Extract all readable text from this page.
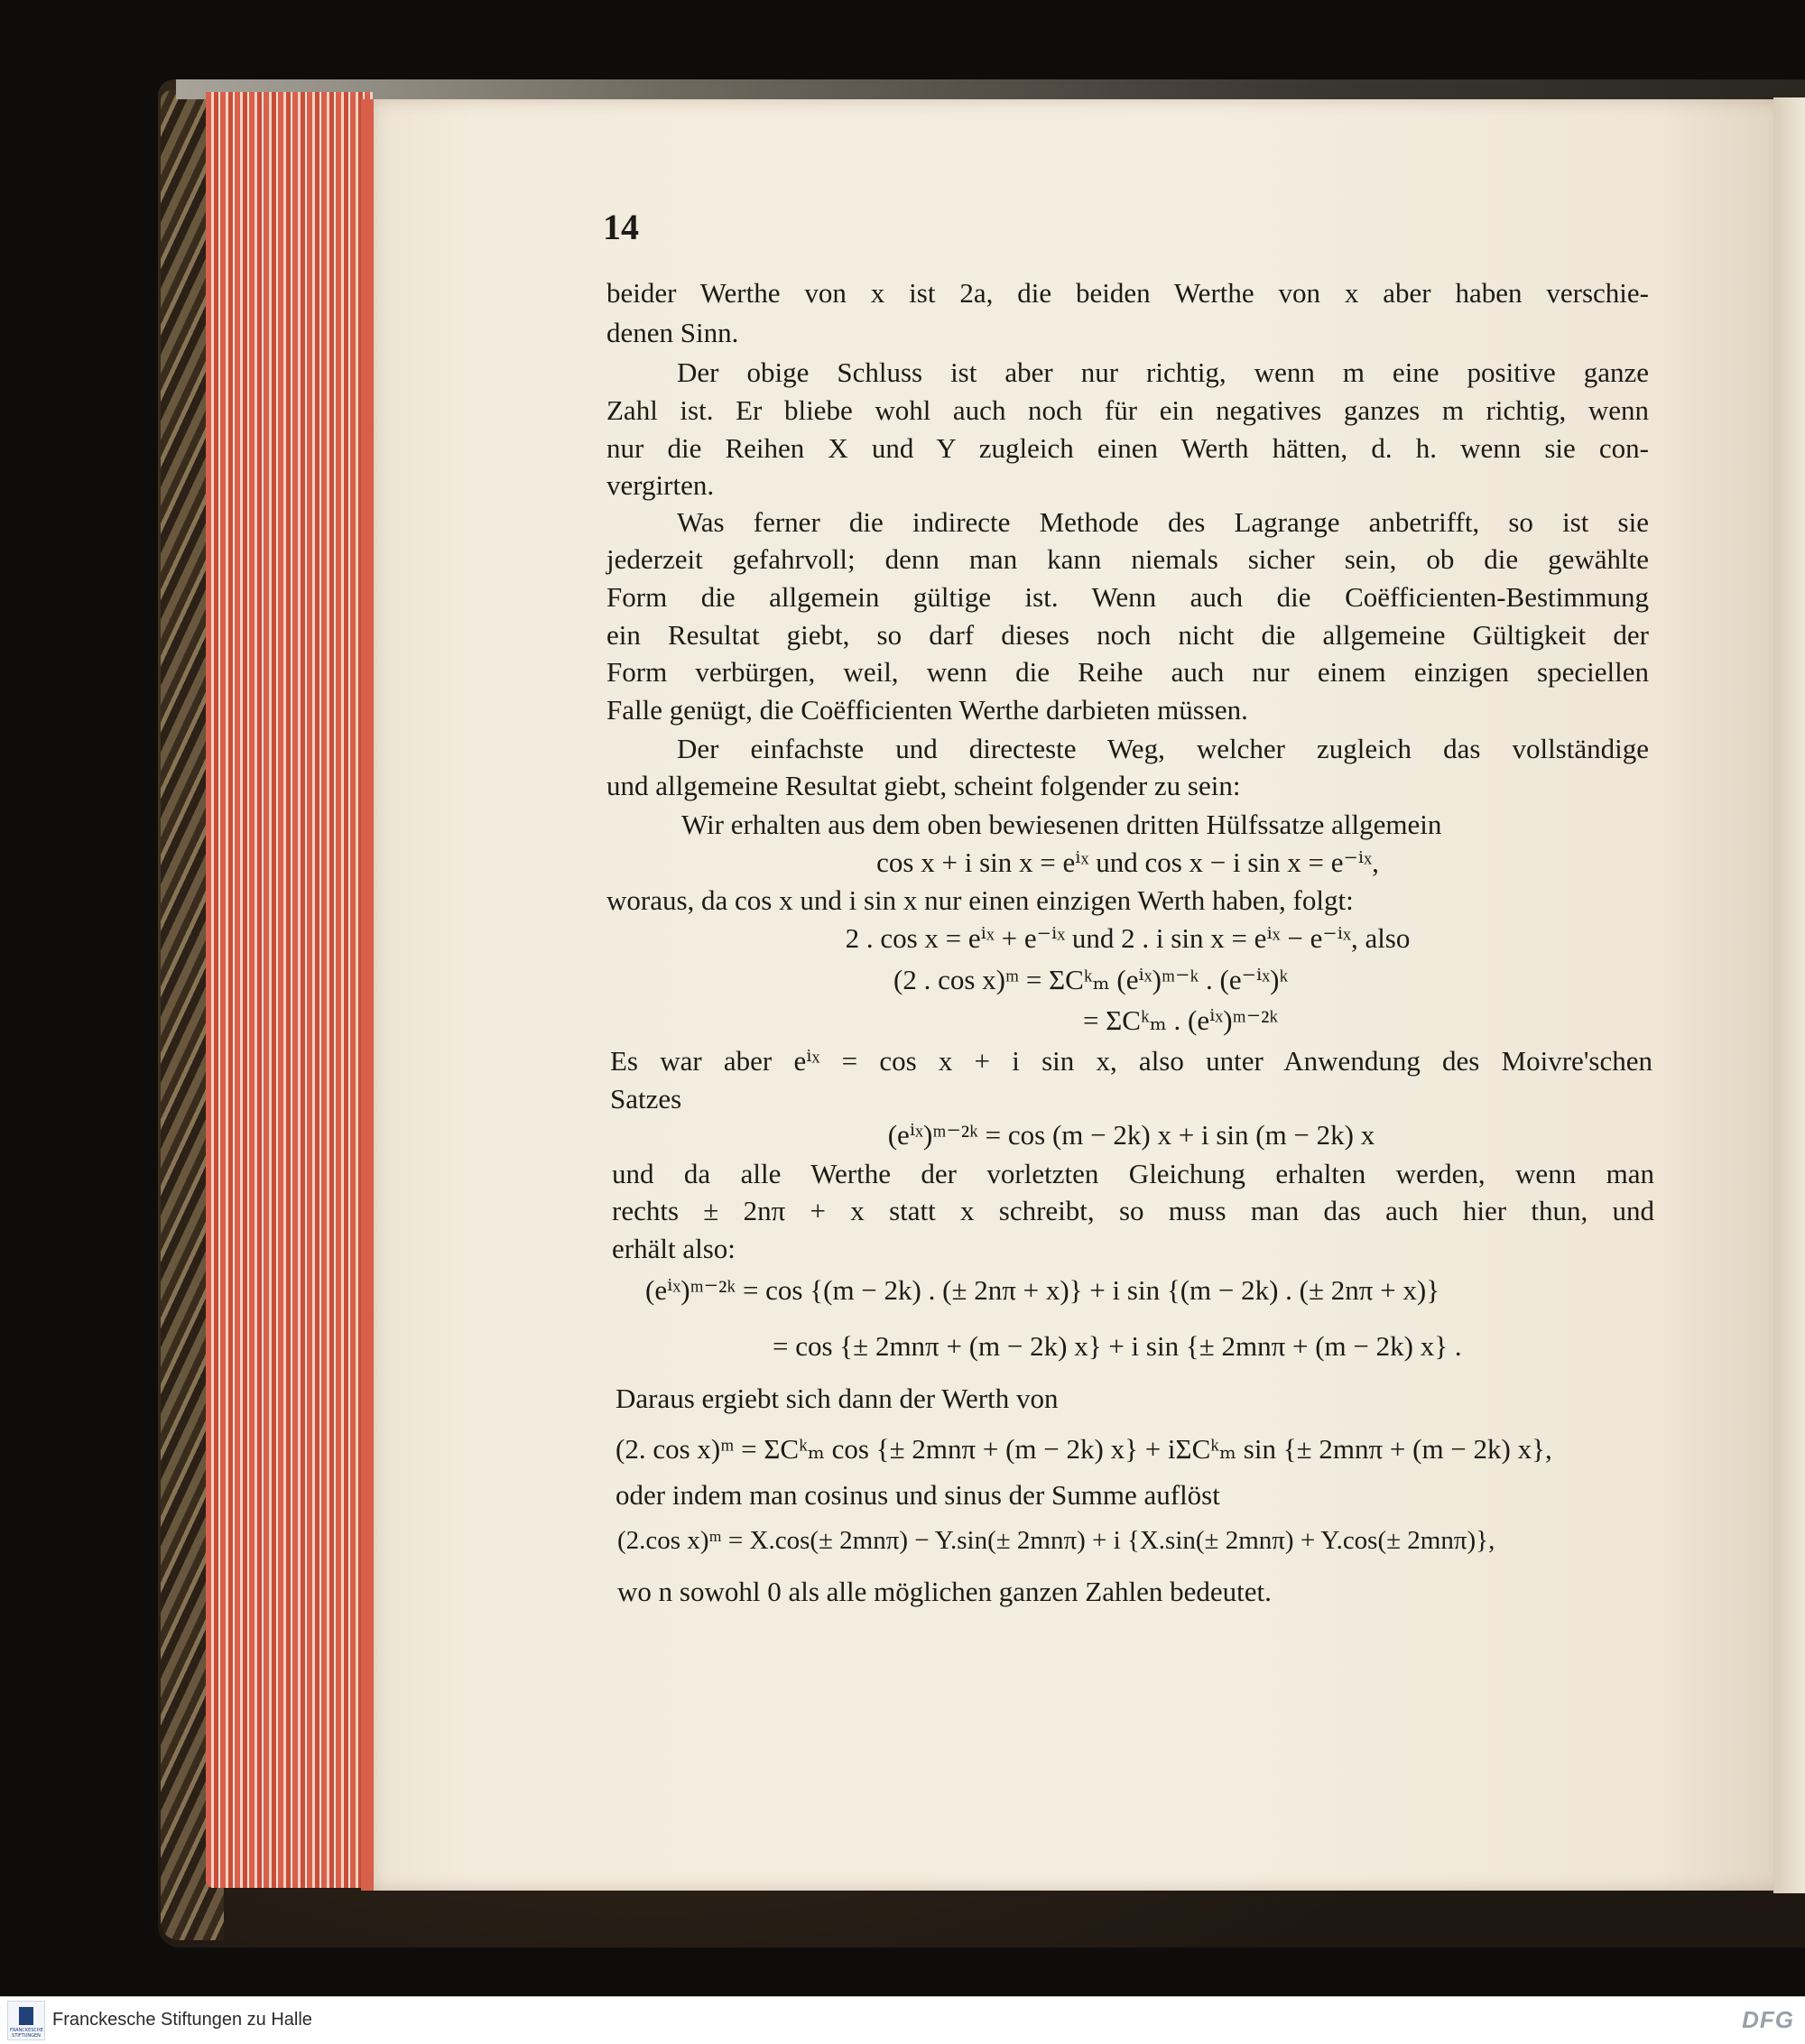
14
beider Werthe von x ist 2a, die beiden Werthe von x aber haben verschie-
denen Sinn.
Der obige Schluss ist aber nur richtig, wenn m eine positive ganze
Zahl ist. Er bliebe wohl auch noch für ein negatives ganzes m richtig, wenn
nur die Reihen X und Y zugleich einen Werth hätten, d. h. wenn sie con-
vergirten.
Was ferner die indirecte Methode des Lagrange anbetrifft, so ist sie
jederzeit gefahrvoll; denn man kann niemals sicher sein, ob die gewählte
Form die allgemein gültige ist. Wenn auch die Coëfficienten-Bestimmung
ein Resultat giebt, so darf dieses noch nicht die allgemeine Gültigkeit der
Form verbürgen, weil, wenn die Reihe auch nur einem einzigen speciellen
Falle genügt, die Coëfficienten Werthe darbieten müssen.
Der einfachste und directeste Weg, welcher zugleich das vollständige
und allgemeine Resultat giebt, scheint folgender zu sein:
Wir erhalten aus dem oben bewiesenen dritten Hülfssatze allgemein
cos x + i sin x = eⁱˣ und cos x − i sin x = e⁻ⁱˣ,
woraus, da cos x und i sin x nur einen einzigen Werth haben, folgt:
2 . cos x = eⁱˣ + e⁻ⁱˣ und 2 . i sin x = eⁱˣ − e⁻ⁱˣ, also
(2 . cos x)ᵐ = ΣCᵏₘ (eⁱˣ)ᵐ⁻ᵏ . (e⁻ⁱˣ)ᵏ
= ΣCᵏₘ . (eⁱˣ)ᵐ⁻²ᵏ
Es war aber eⁱˣ = cos x + i sin x, also unter Anwendung des Moivre'schen
Satzes
(eⁱˣ)ᵐ⁻²ᵏ = cos (m − 2k) x + i sin (m − 2k) x
und da alle Werthe der vorletzten Gleichung erhalten werden, wenn man
rechts ± 2nπ + x statt x schreibt, so muss man das auch hier thun, und
erhält also:
(eⁱˣ)ᵐ⁻²ᵏ = cos {(m − 2k) . (± 2nπ + x)} + i sin {(m − 2k) . (± 2nπ + x)}
= cos {± 2mnπ + (m − 2k) x} + i sin {± 2mnπ + (m − 2k) x} .
Daraus ergiebt sich dann der Werth von
(2. cos x)ᵐ = ΣCᵏₘ cos {± 2mnπ + (m − 2k) x} + iΣCᵏₘ sin {± 2mnπ + (m − 2k) x},
oder indem man cosinus und sinus der Summe auflöst
(2.cos x)ᵐ = X.cos(± 2mnπ) − Y.sin(± 2mnπ) + i {X.sin(± 2mnπ) + Y.cos(± 2mnπ)},
wo n sowohl 0 als alle möglichen ganzen Zahlen bedeutet.
FRANCKESCHE STIFTUNGEN
Franckesche Stiftungen zu Halle	DFG
